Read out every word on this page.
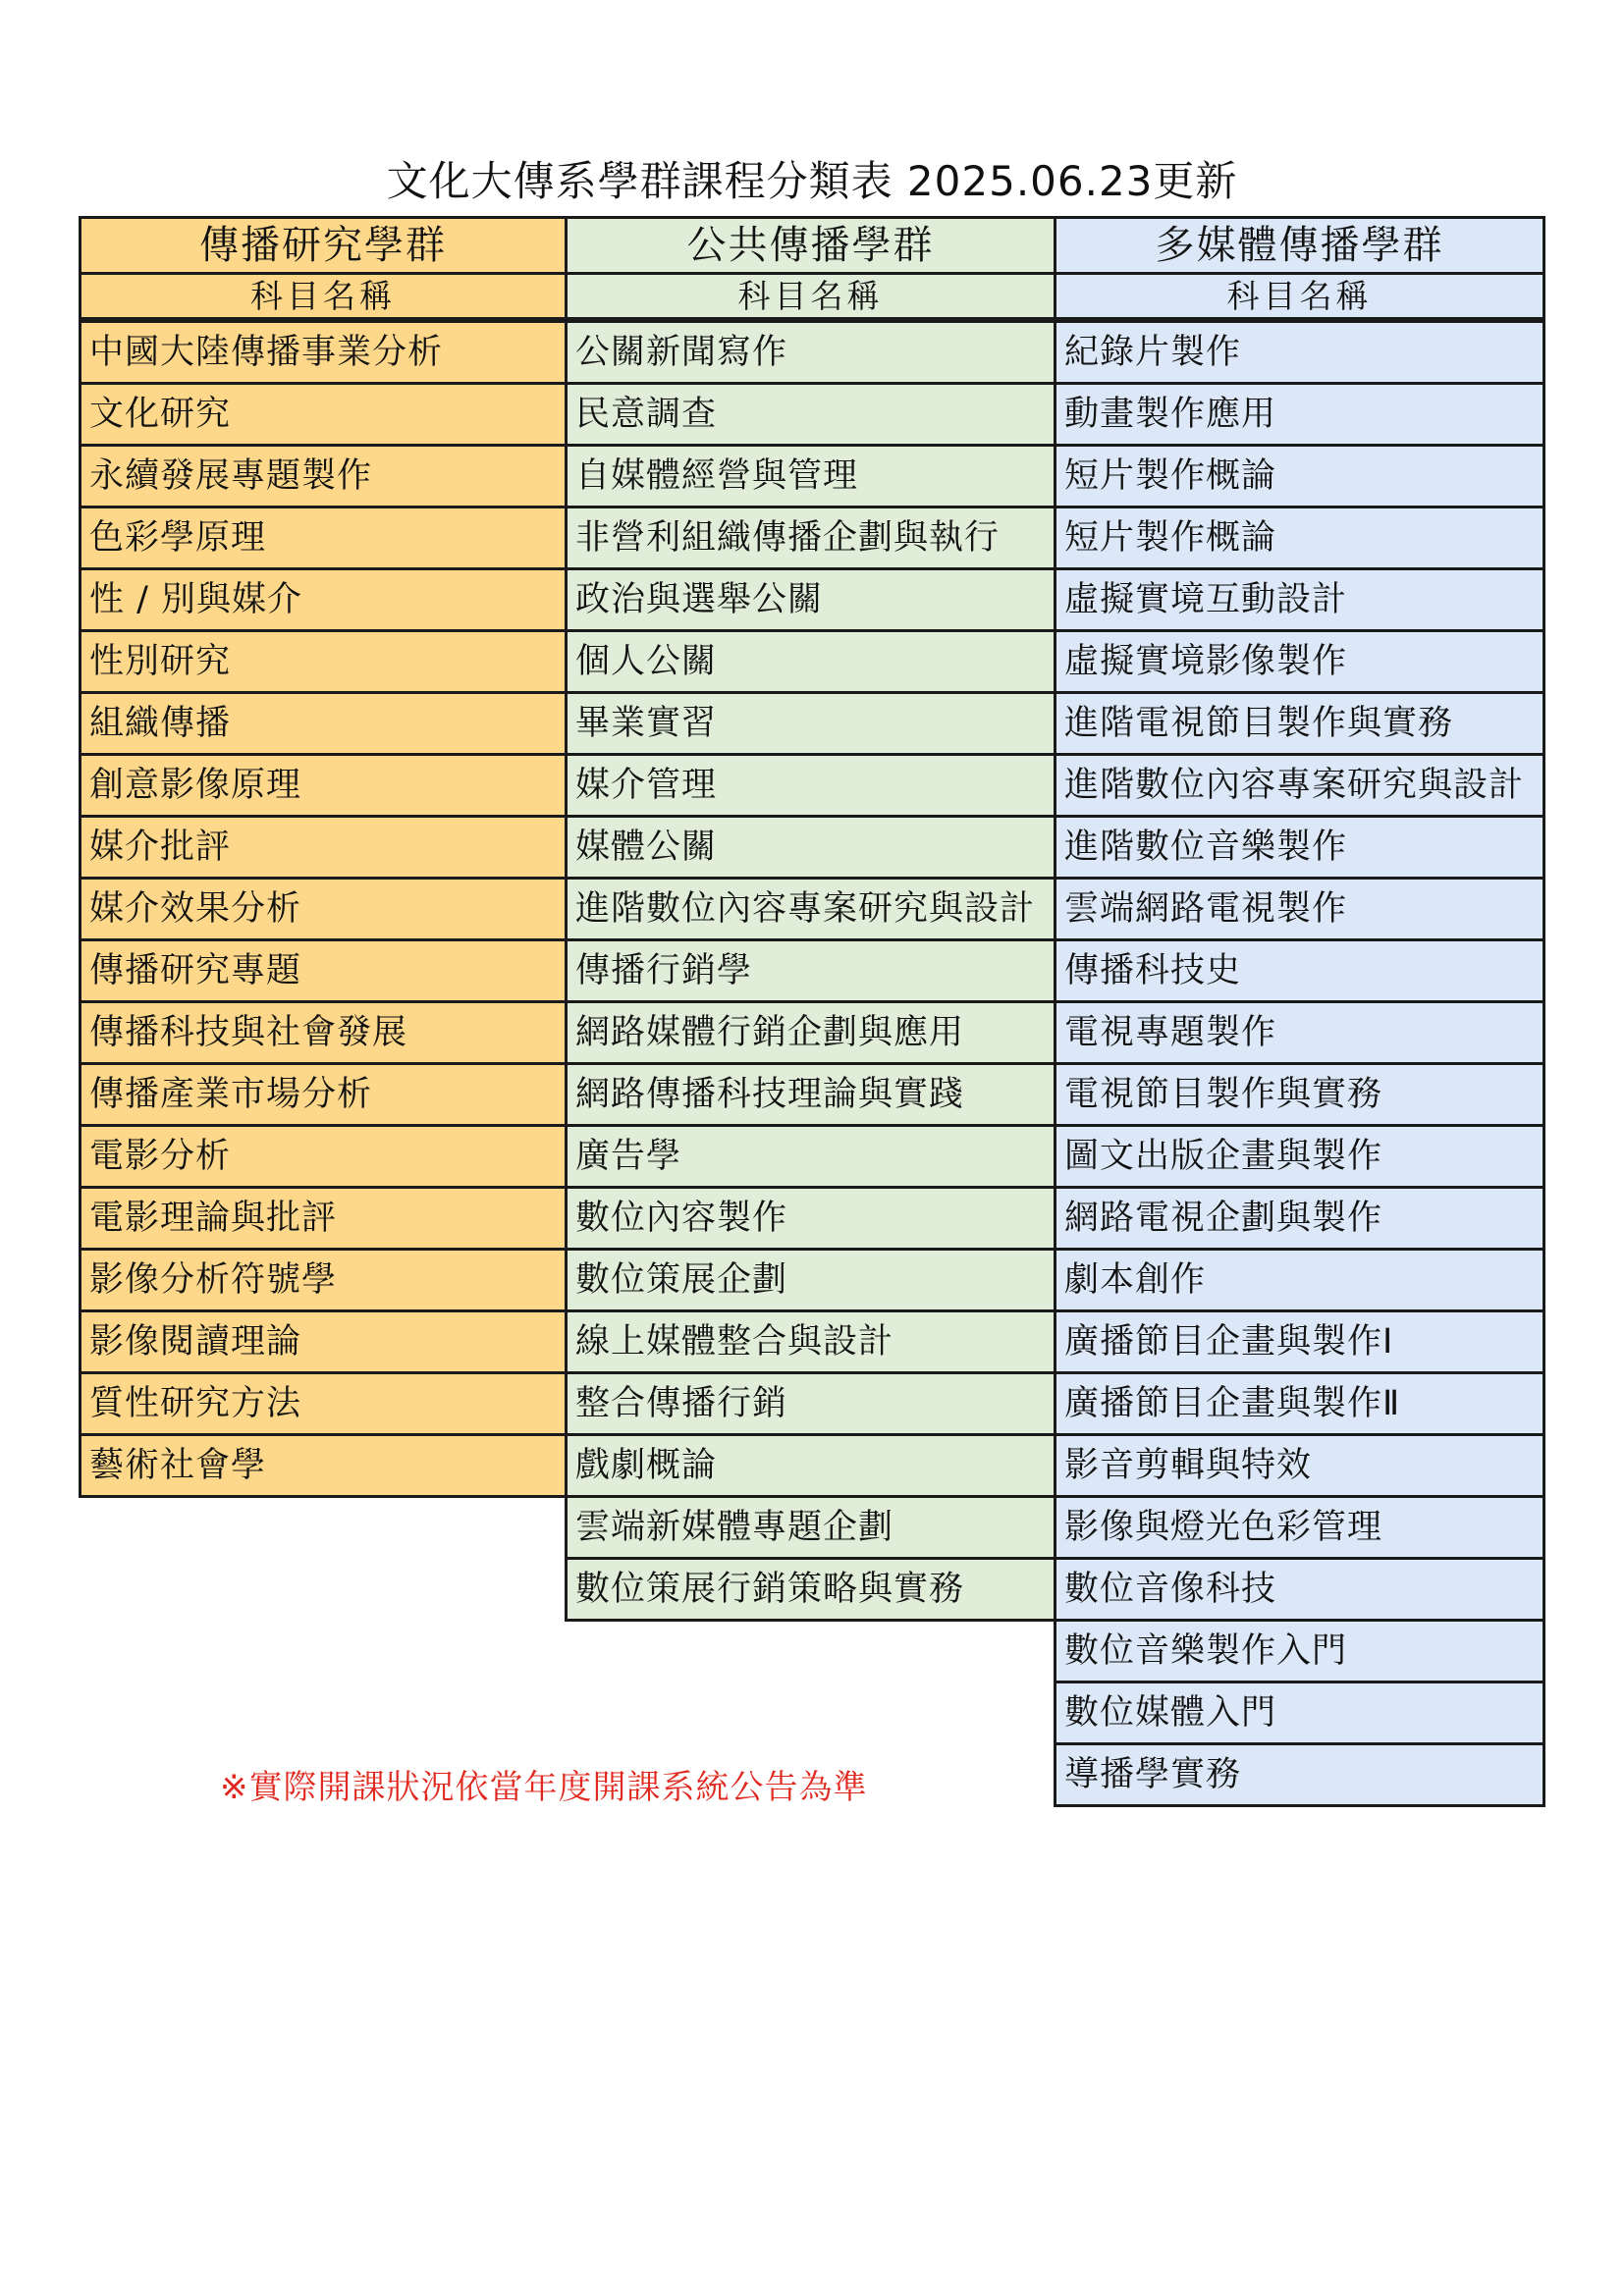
文化大傳系學群課程分類表 2025.06.23更新
傳播研究學群
科目名稱
中國大陸傳播事業分析
文化研究
永續發展專題製作
色彩學原理
性 / 別與媒介
性別研究
組織傳播
創意影像原理
媒介批評
媒介效果分析
傳播研究專題
傳播科技與社會發展
傳播產業市場分析
電影分析
電影理論與批評
影像分析符號學
影像閱讀理論
質性研究方法
藝術社會學
公共傳播學群
科目名稱
公關新聞寫作
民意調查
自媒體經營與管理
非營利組織傳播企劃與執行
政治與選舉公關
個人公關
畢業實習
媒介管理
媒體公關
進階數位內容專案研究與設計
傳播行銷學
網路媒體行銷企劃與應用
網路傳播科技理論與實踐
廣告學
數位內容製作
數位策展企劃
線上媒體整合與設計
整合傳播行銷
戲劇概論
雲端新媒體專題企劃
數位策展行銷策略與實務
多媒體傳播學群
科目名稱
紀錄片製作
動畫製作應用
短片製作概論
短片製作概論
虛擬實境互動設計
虛擬實境影像製作
進階電視節目製作與實務
進階數位內容專案研究與設計
進階數位音樂製作
雲端網路電視製作
傳播科技史
電視專題製作
電視節目製作與實務
圖文出版企畫與製作
網路電視企劃與製作
劇本創作
廣播節目企畫與製作Ⅰ
廣播節目企畫與製作Ⅱ
影音剪輯與特效
影像與燈光色彩管理
數位音像科技
數位音樂製作入門
數位媒體入門
導播學實務
※實際開課狀況依當年度開課系統公告為準
